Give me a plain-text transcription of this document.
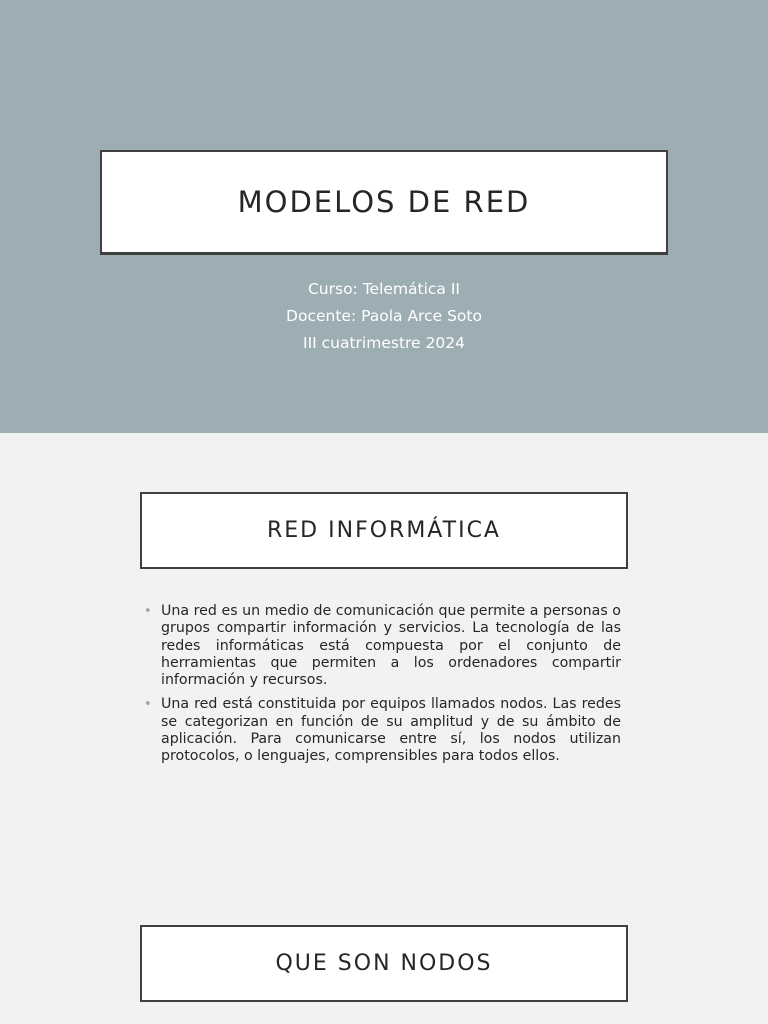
MODELOS DE RED
Curso: Telemática II
Docente: Paola Arce Soto
III cuatrimestre 2024
RED INFORMÁTICA
• Una red es un medio de comunicación que permite a personas o grupos compartir información y servicios. La tecnología de las redes informáticas está compuesta por el conjunto de herramientas que permiten a los ordenadores compartir información y recursos.
• Una red está constituida por equipos llamados nodos. Las redes se categorizan en función de su amplitud y de su ámbito de aplicación. Para comunicarse entre sí, los nodos utilizan protocolos, o lenguajes, comprensibles para todos ellos.
QUE SON NODOS
